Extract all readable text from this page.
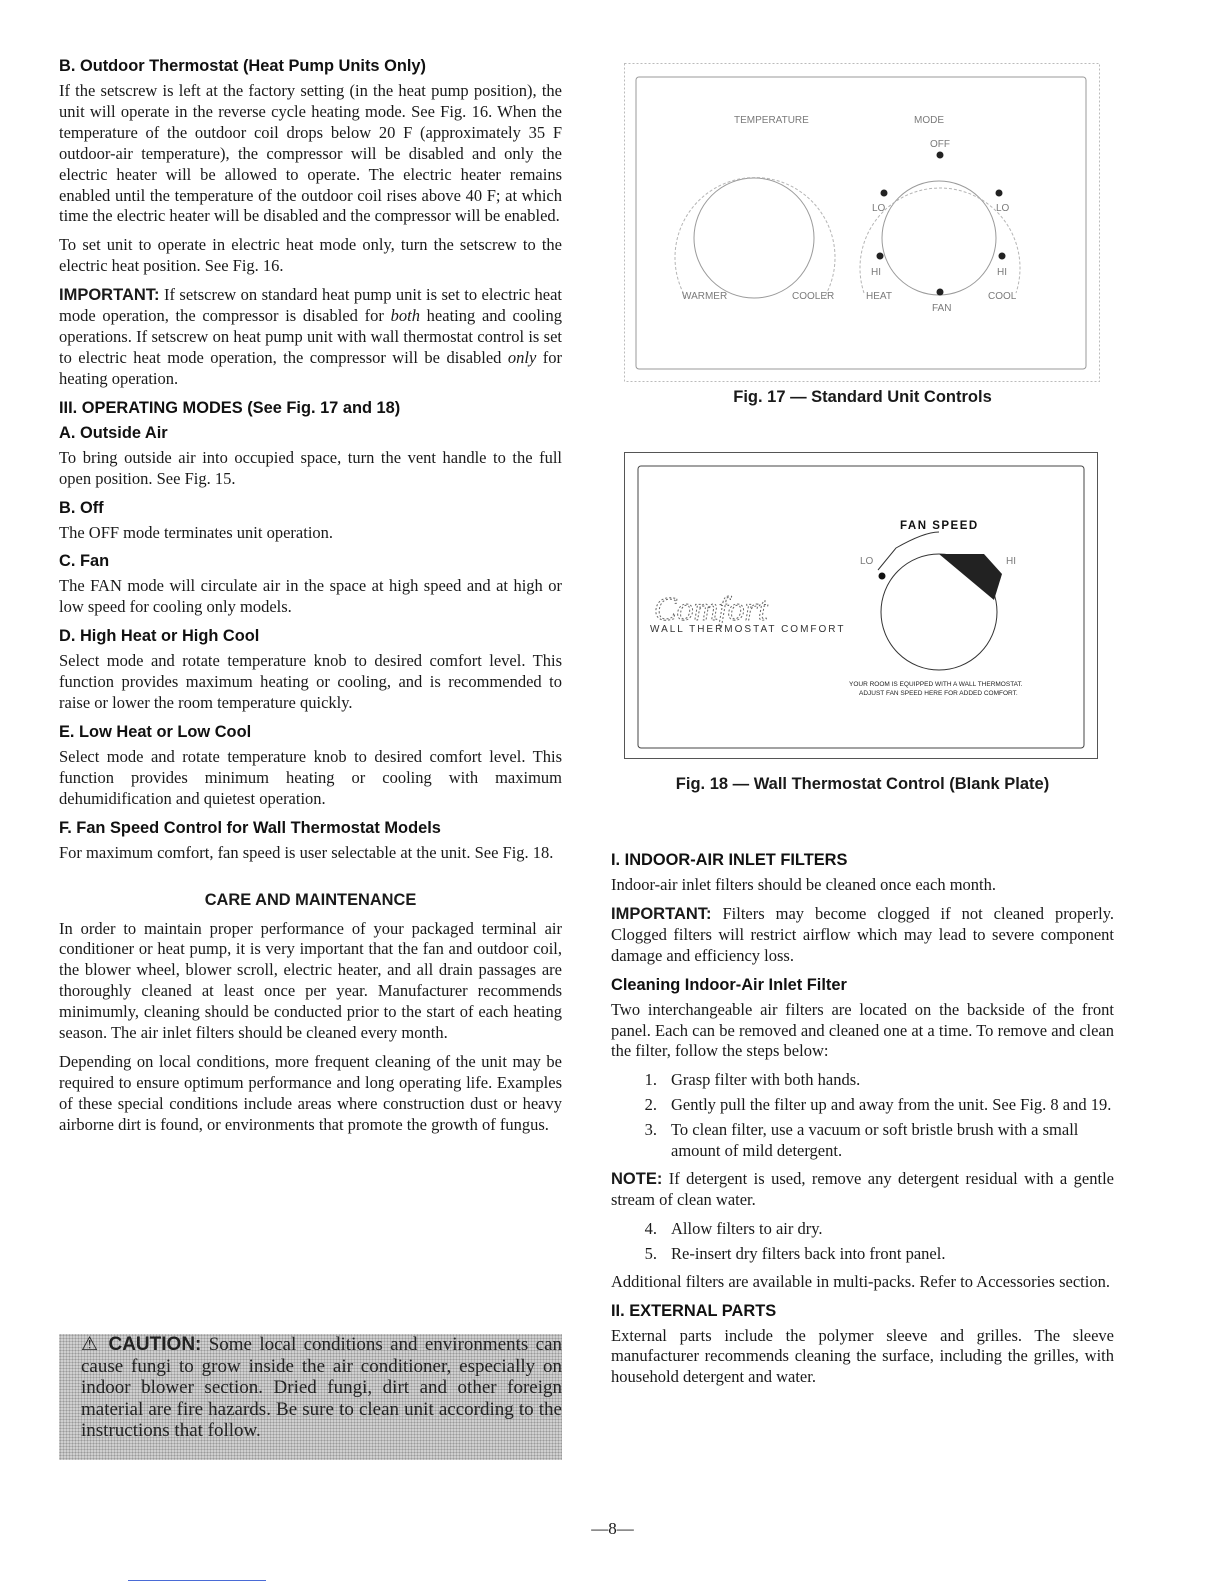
B. Outdoor Thermostat (Heat Pump Units Only)

If the setscrew is left at the factory setting (in the heat pump position), the unit will operate in the reverse cycle heating mode. See Fig. 16. When the temperature of the outdoor coil drops below 20 F (approximately 35 F outdoor-air temperature), the compressor will be disabled and only the electric heater will be allowed to operate. The electric heater remains enabled until the temperature of the outdoor coil rises above 40 F; at which time the electric heater will be disabled and the compressor will be enabled.

To set unit to operate in electric heat mode only, turn the setscrew to the electric heat position. See Fig. 16.

IMPORTANT: If setscrew on standard heat pump unit is set to electric heat mode operation, the compressor is disabled for both heating and cooling operations. If setscrew on heat pump unit with wall thermostat control is set to electric heat mode operation, the compressor will be disabled only for heating operation.

III. OPERATING MODES (See Fig. 17 and 18)
A. Outside Air

To bring outside air into occupied space, turn the vent handle to the full open position. See Fig. 15.

B. Off

The OFF mode terminates unit operation.

C. Fan

The FAN mode will circulate air in the space at high speed and at high or low speed for cooling only models.

D. High Heat or High Cool

Select mode and rotate temperature knob to desired comfort level. This function provides maximum heating or cooling, and is recommended to raise or lower the room temperature quickly.

E. Low Heat or Low Cool

Select mode and rotate temperature knob to desired comfort level. This function provides minimum heating or cooling with maximum dehumidification and quietest operation.

F. Fan Speed Control for Wall Thermostat Models

For maximum comfort, fan speed is user selectable at the unit. See Fig. 18.

CARE AND MAINTENANCE

In order to maintain proper performance of your packaged terminal air conditioner or heat pump, it is very important that the fan and outdoor coil, the blower wheel, blower scroll, electric heater, and all drain passages are thoroughly cleaned at least once per year. Manufacturer recommends minimumly, cleaning should be conducted prior to the start of each heating season. The air inlet filters should be cleaned every month.

Depending on local conditions, more frequent cleaning of the unit may be required to ensure optimum performance and long operating life. Examples of these special conditions include areas where construction dust or heavy airborne dirt is found, or environments that promote the growth of fungus.

⚠ CAUTION: Some local conditions and environments can cause fungi to grow inside the air conditioner, especially on indoor blower section. Dried fungi, dirt and other foreign material are fire hazards. Be sure to clean unit according to the instructions that follow.
TEMPERATURE	MODE
OFF
LO	LO
HI	HI
WARMER	COOLER	HEAT	COOL
FAN
Fig. 17 — Standard Unit Controls
FAN SPEED
LO	HI
Comfort
WALL THERMOSTAT COMFORT
YOUR ROOM IS EQUIPPED WITH A WALL THERMOSTAT.
ADJUST FAN SPEED HERE FOR ADDED COMFORT.
Fig. 18 — Wall Thermostat Control (Blank Plate)
I. INDOOR-AIR INLET FILTERS

Indoor-air inlet filters should be cleaned once each month.

IMPORTANT: Filters may become clogged if not cleaned properly. Clogged filters will restrict airflow which may lead to severe component damage and efficiency loss.

Cleaning Indoor-Air Inlet Filter

Two interchangeable air filters are located on the backside of the front panel. Each can be removed and cleaned one at a time. To remove and clean the filter, follow the steps below:

1. Grasp filter with both hands.
2. Gently pull the filter up and away from the unit. See Fig. 8 and 19.
3. To clean filter, use a vacuum or soft bristle brush with a small amount of mild detergent.

NOTE: If detergent is used, remove any detergent residual with a gentle stream of clean water.

4. Allow filters to air dry.
5. Re-insert dry filters back into front panel.

Additional filters are available in multi-packs. Refer to Accessories section.

II. EXTERNAL PARTS

External parts include the polymer sleeve and grilles. The sleeve manufacturer recommends cleaning the surface, including the grilles, with household detergent and water.

—8—
